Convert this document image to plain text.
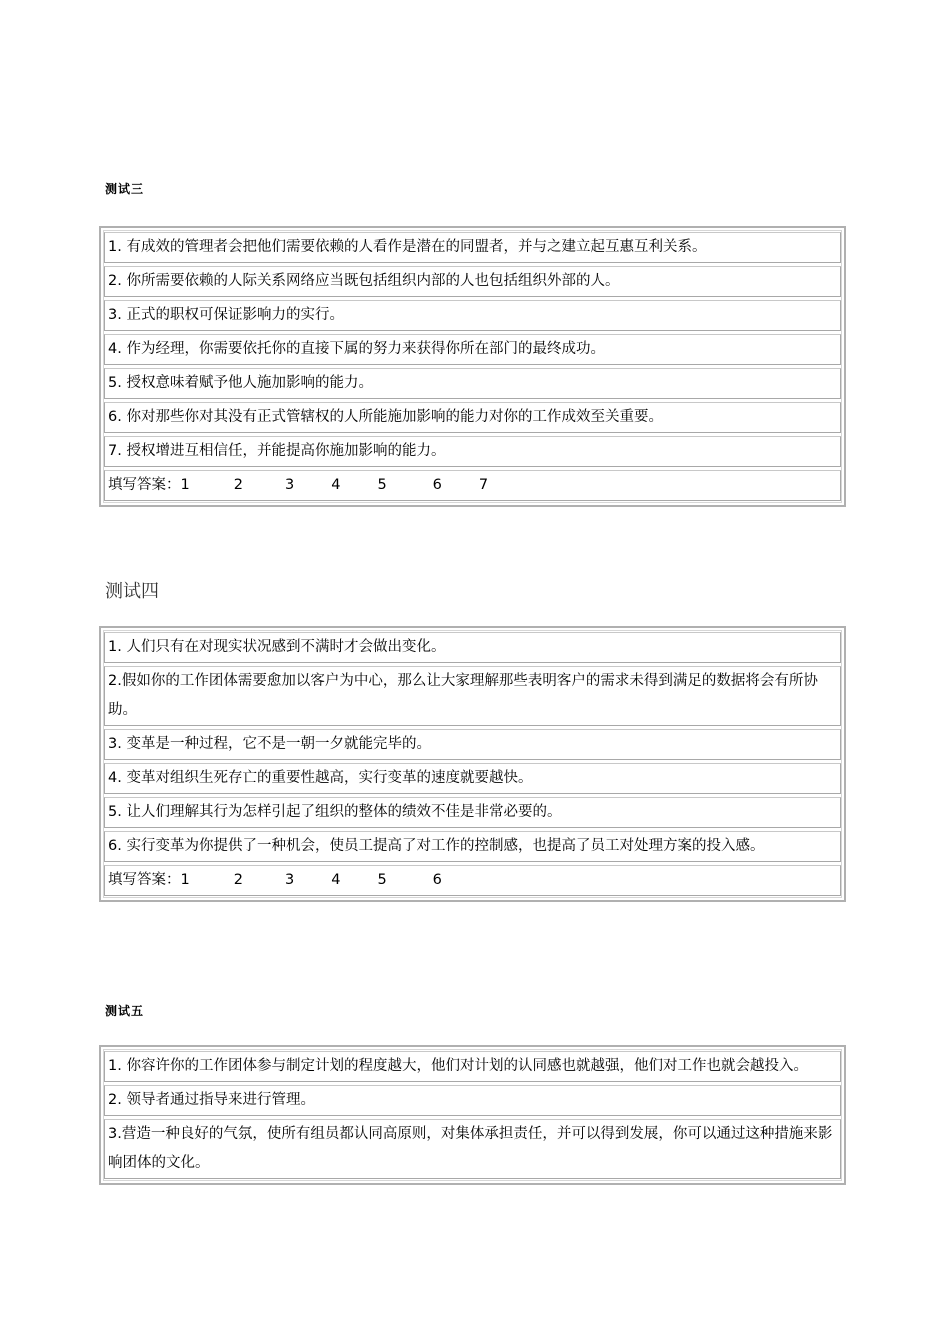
测试三
1. 有成效的管理者会把他们需要依赖的人看作是潜在的同盟者，并与之建立起互惠互利关系。
2. 你所需要依赖的人际关系网络应当既包括组织内部的人也包括组织外部的人。
3. 正式的职权可保证影响力的实行。
4. 作为经理，你需要依托你的直接下属的努力来获得你所在部门的最终成功。
5. 授权意味着赋予他人施加影响的能力。
6. 你对那些你对其没有正式管辖权的人所能施加影响的能力对你的工作成效至关重要。
7. 授权增进互相信任，并能提高你施加影响的能力。
填写答案：1	2	3	4	5	6	7
测试四
1. 人们只有在对现实状况感到不满时才会做出变化。
2.假如你的工作团体需要愈加以客户为中心，那么让大家理解那些表明客户的需求未得到满足的数据将会有所协助。
3. 变革是一种过程，它不是一朝一夕就能完毕的。
4. 变革对组织生死存亡的重要性越高，实行变革的速度就要越快。
5. 让人们理解其行为怎样引起了组织的整体的绩效不佳是非常必要的。
6. 实行变革为你提供了一种机会，使员工提高了对工作的控制感，也提高了员工对处理方案的投入感。
填写答案：1	2	3	4	5	6
测试五
1. 你容许你的工作团体参与制定计划的程度越大，他们对计划的认同感也就越强，他们对工作也就会越投入。
2. 领导者通过指导来进行管理。
3.营造一种良好的气氛，使所有组员都认同高原则，对集体承担责任，并可以得到发展，你可以通过这种措施来影响团体的文化。
